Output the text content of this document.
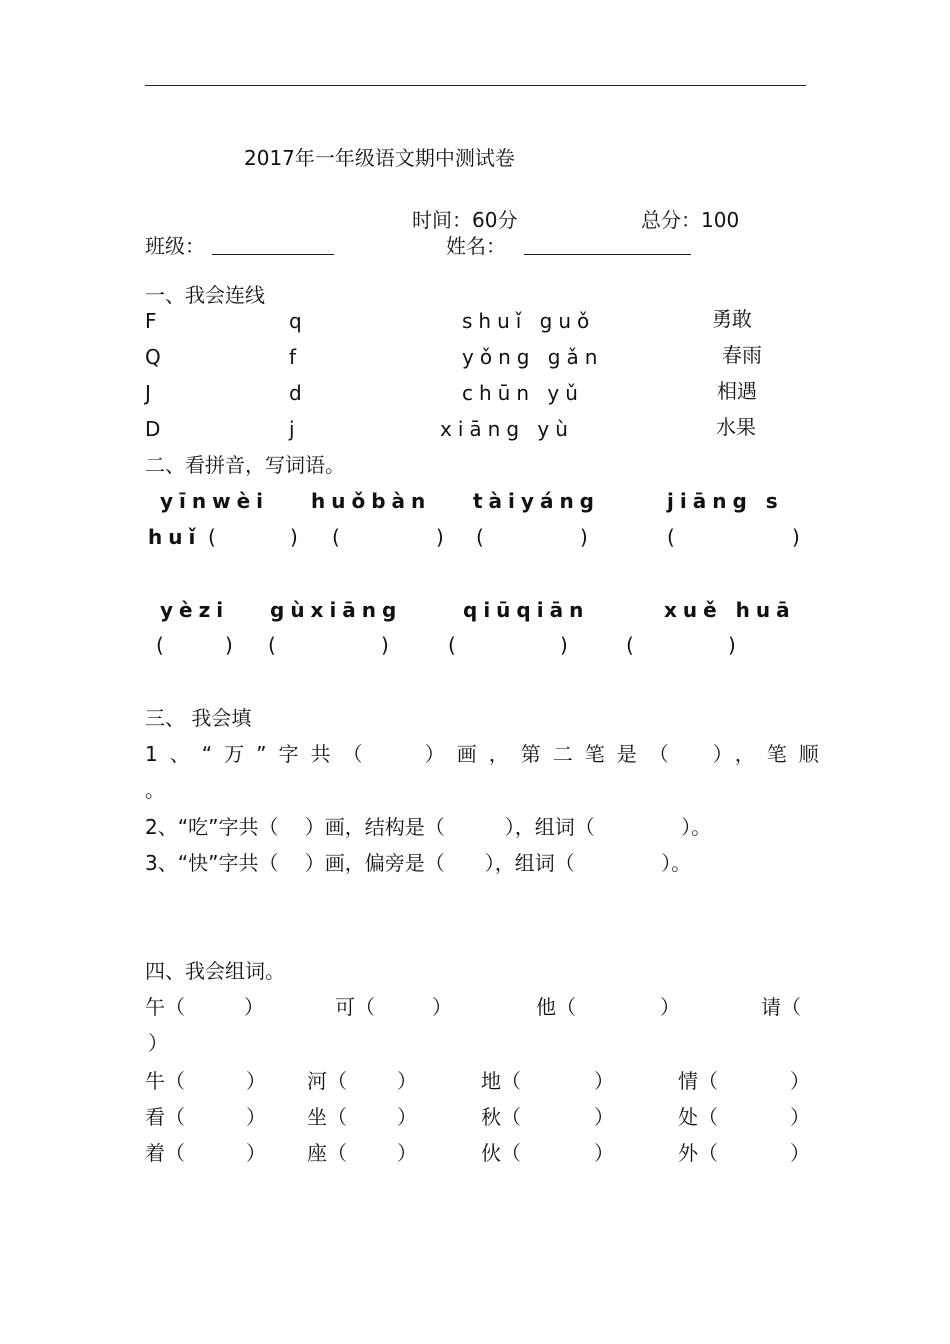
2017年一年级语文期中测试卷
时间：60分	总分：100
班级：	姓名：
一、我会连线
F	q	shuǐ guǒ	勇敢
Q	f	yǒng gǎn	春雨
J	d	chūn yǔ	相遇
D	j	xiāng yù	水果
二、看拼音，写词语。
yīnwèi huǒbàn tàiyáng	jiāng s
huǐ (	) (	) (	)	(	)
yèzi gùxiāng	qiūqiān	xuě huā
(	) (	)	(	)	(	)
三、 我会填
1、“万”字共（　 ）画，第二笔是（　），笔顺
。
2、“吃”字共（　 ）画，结构是（　　　），组词（　　　　 ）。
3、“快”字共（　 ）画，偏旁是（　　），组词（　　　　 ）。
四、我会组词。
午（	）	可（	）	他（	）	请（
）
牛（	） 河（	）	地（	）	情（	）
看（	） 坐（	）	秋（	）	处（	）
着（	） 座（	）	伙（	）	外（	）
